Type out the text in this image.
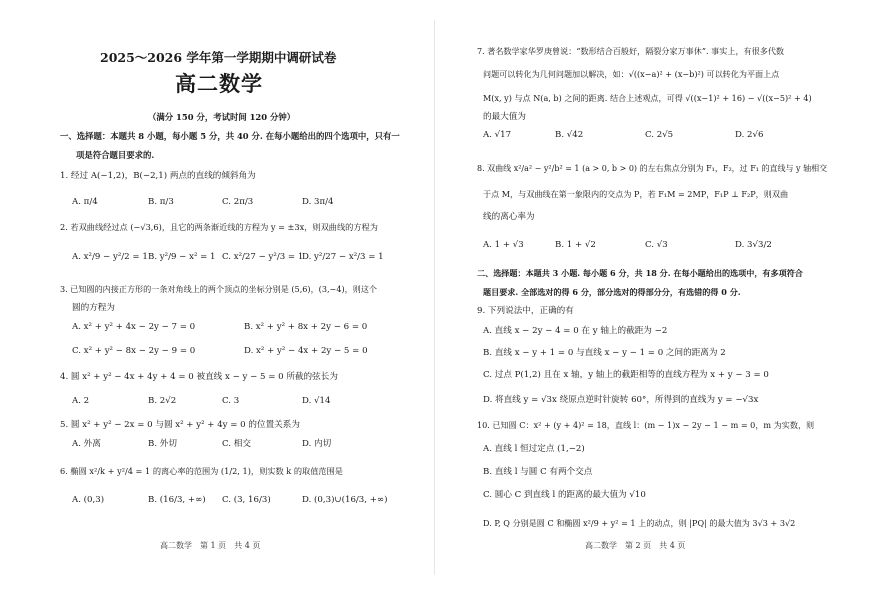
2025～2026 学年第一学期期中调研试卷
高二数学
（满分 150 分，考试时间 120 分钟）
一、选择题：本题共 8 小题，每小题 5 分，共 40 分. 在每小题给出的四个选项中，只有一
项是符合题目要求的.
1. 经过 A(−1,2)，B(−2,1) 两点的直线的倾斜角为
A. π/4	B. π/3	C. 2π/3	D. 3π/4
2. 若双曲线经过点 (−√3,6)，且它的两条渐近线的方程为 y = ±3x，则双曲线的方程为
A. x²/9 − y²/2 = 1 B. y²/9 − x² = 1 C. x²/27 − y²/3 = 1
D. y²/27 − x²/3 = 1
3. 已知圆的内接正方形的一条对角线上的两个顶点的坐标分别是 (5,6)，(3,−4)，则这个
圆的方程为
A. x² + y² + 4x − 2y − 7 = 0	B. x² + y² + 8x + 2y − 6 = 0
C. x² + y² − 8x − 2y − 9 = 0	D. x² + y² − 4x + 2y − 5 = 0
4. 圆 x² + y² − 4x + 4y + 4 = 0 被直线 x − y − 5 = 0 所截的弦长为
A. 2	B. 2√2	C. 3	D. √14
5. 圆 x² + y² − 2x = 0 与圆 x² + y² + 4y = 0 的位置关系为
A. 外离	B. 外切	C. 相交	D. 内切
6. 椭圆 x²/k + y²/4 = 1 的离心率的范围为 (1/2, 1)，则实数 k 的取值范围是
A. (0,3)	B. (16/3, +∞) C. (3, 16/3)	D. (0,3)∪(16/3, +∞)
高二数学　第 1 页　共 4 页
7. 著名数学家华罗庚曾说：“数形结合百般好，隔裂分家万事休”. 事实上，有很多代数
问题可以转化为几何问题加以解决，如：√((x−a)² + (x−b)²) 可以转化为平面上点
M(x, y) 与点 N(a, b) 之间的距离. 结合上述观点，可得 √((x−1)² + 16) − √((x−5)² + 4)
的最大值为
A. √17	B. √42	C. 2√5	D. 2√6
8. 双曲线 x²/a² − y²/b² = 1 (a > 0, b > 0) 的左右焦点分别为 F₁，F₂，过 F₁ 的直线与 y 轴相交
于点 M，与双曲线在第一象限内的交点为 P，若 F₁M = 2MP，F₁P ⊥ F₂P，则双曲
线的离心率为
A. 1 + √3	B. 1 + √2	C. √3	D. 3√3/2
二、选择题：本题共 3 小题. 每小题 6 分，共 18 分. 在每小题给出的选项中，有多项符合
题目要求. 全部选对的得 6 分，部分选对的得部分分，有选错的得 0 分.
9. 下列说法中，正确的有
A. 直线 x − 2y − 4 = 0 在 y 轴上的截距为 −2
B. 直线 x − y + 1 = 0 与直线 x − y − 1 = 0 之间的距离为 2
C. 过点 P(1,2) 且在 x 轴，y 轴上的截距相等的直线方程为 x + y − 3 = 0
D. 将直线 y = √3x 绕原点逆时针旋转 60°，所得到的直线为 y = −√3x
10. 已知圆 C：x² + (y + 4)² = 18，直线 l：(m − 1)x − 2y − 1 − m = 0，m 为实数，则
A. 直线 l 恒过定点 (1,−2)
B. 直线 l 与圆 C 有两个交点
C. 圆心 C 到直线 l 的距离的最大值为 √10
D. P, Q 分别是圆 C 和椭圆 x²/9 + y² = 1 上的动点，则 |PQ| 的最大值为 3√3 + 3√2
高二数学　第 2 页　共 4 页
